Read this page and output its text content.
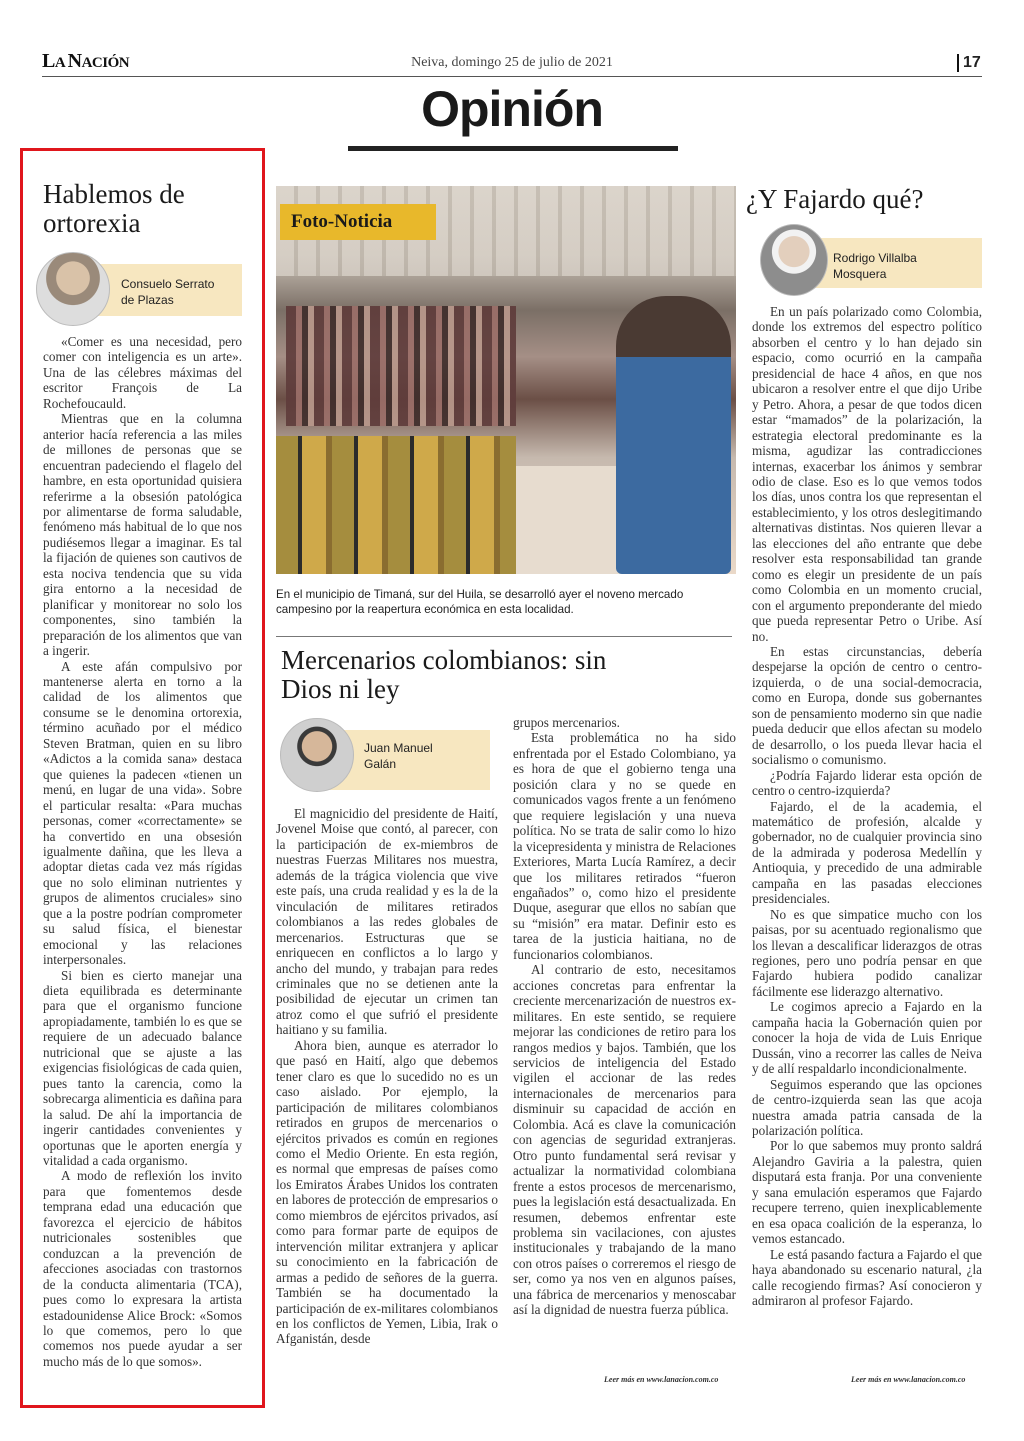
LA NACIÓN	Neiva, domingo 25 de julio de 2021	17
Opinión
Hablemos de ortorexia
Consuelo Serrato
de Plazas

«Comer es una necesidad, pero comer con inteligencia es un arte». Una de las célebres máximas del escritor François de La Rochefoucauld.

Mientras que en la columna anterior hacía referencia a las miles de millones de personas que se encuentran padeciendo el flagelo del hambre, en esta oportunidad quisiera referirme a la obsesión patológica por alimentarse de forma saludable, fenómeno más habitual de lo que nos pudiésemos llegar a imaginar. Es tal la fijación de quienes son cautivos de esta nociva tendencia que su vida gira entorno a la necesidad de planificar y monitorear no solo los componentes, sino también la preparación de los alimentos que van a ingerir.

A este afán compulsivo por mantenerse alerta en torno a la calidad de los alimentos que consume se le denomina ortorexia, término acuñado por el médico Steven Bratman, quien en su libro «Adictos a la comida sana» destaca que quienes la padecen «tienen un menú, en lugar de una vida». Sobre el particular resalta: «Para muchas personas, comer «correctamente» se ha convertido en una obsesión igualmente dañina, que les lleva a adoptar dietas cada vez más rígidas que no solo eliminan nutrientes y grupos de alimentos cruciales» sino que a la postre podrían comprometer su salud física, el bienestar emocional y las relaciones interpersonales.

Si bien es cierto manejar una dieta equilibrada es determinante para que el organismo funcione apropiadamente, también lo es que se requiere de un adecuado balance nutricional que se ajuste a las exigencias fisiológicas de cada quien, pues tanto la carencia, como la sobrecarga alimenticia es dañina para la salud. De ahí la importancia de ingerir cantidades convenientes y oportunas que le aporten energía y vitalidad a cada organismo.

A modo de reflexión los invito para que fomentemos desde temprana edad una educación que favorezca el ejercicio de hábitos nutricionales sostenibles que conduzcan a la prevención de afecciones asociadas con trastornos de la conducta alimentaria (TCA), pues como lo expresara la artista estadounidense Alice Brock: «Somos lo que comemos, pero lo que comemos nos puede ayudar a ser mucho más de lo que somos».

Foto-Noticia
En el municipio de Timaná, sur del Huila, se desarrolló ayer el noveno mercado campesino por la reapertura económica en esta localidad.
Mercenarios colombianos: sin Dios ni ley
Juan Manuel
Galán

El magnicidio del presidente de Haití, Jovenel Moise que contó, al parecer, con la participación de ex-miembros de nuestras Fuerzas Militares nos muestra, además de la trágica violencia que vive este país, una cruda realidad y es la de la vinculación de militares retirados colombianos a las redes globales de mercenarios. Estructuras que se enriquecen en conflictos a lo largo y ancho del mundo, y trabajan para redes criminales que no se detienen ante la posibilidad de ejecutar un crimen tan atroz como el que sufrió el presidente haitiano y su familia.

Ahora bien, aunque es aterrador lo que pasó en Haití, algo que debemos tener claro es que lo sucedido no es un caso aislado. Por ejemplo, la participación de militares colombianos retirados en grupos de mercenarios o ejércitos privados es común en regiones como el Medio Oriente. En esta región, es normal que empresas de países como los Emiratos Árabes Unidos los contraten en labores de protección de empresarios o como miembros de ejércitos privados, así como para formar parte de equipos de intervención militar extranjera y aplicar su conocimiento en la fabricación de armas a pedido de señores de la guerra. También se ha documentado la participación de ex-militares colombianos en los conflictos de Yemen, Libia, Irak o Afganistán, desde

grupos mercenarios.

Esta problemática no ha sido enfrentada por el Estado Colombiano, ya es hora de que el gobierno tenga una posición clara y no se quede en comunicados vagos frente a un fenómeno que requiere legislación y una nueva política. No se trata de salir como lo hizo la vicepresidenta y ministra de Relaciones Exteriores, Marta Lucía Ramírez, a decir que los militares retirados “fueron engañados” o, como hizo el presidente Duque, asegurar que ellos no sabían que su “misión” era matar. Definir esto es tarea de la justicia haitiana, no de funcionarios colombianos.

Al contrario de esto, necesitamos acciones concretas para enfrentar la creciente mercenarización de nuestros ex-militares. En este sentido, se requiere mejorar las condiciones de retiro para los rangos medios y bajos. También, que los servicios de inteligencia del Estado vigilen el accionar de las redes internacionales de mercenarios para disminuir su capacidad de acción en Colombia. Acá es clave la comunicación con agencias de seguridad extranjeras. Otro punto fundamental será revisar y actualizar la normatividad colombiana frente a estos procesos de mercenarismo, pues la legislación está desactualizada. En resumen, debemos enfrentar este problema sin vacilaciones, con ajustes institucionales y trabajando de la mano con otros países o correremos el riesgo de ser, como ya nos ven en algunos países, una fábrica de mercenarios y menoscabar así la dignidad de nuestra fuerza pública.

Leer más en www.lanacion.com.co
¿Y Fajardo qué?
Rodrigo Villalba
Mosquera

En un país polarizado como Colombia, donde los extremos del espectro político absorben el centro y lo han dejado sin espacio, como ocurrió en la campaña presidencial de hace 4 años, en que nos ubicaron a resolver entre el que dijo Uribe y Petro. Ahora, a pesar de que todos dicen estar “mamados” de la polarización, la estrategia electoral predominante es la misma, agudizar las contradicciones internas, exacerbar los ánimos y sembrar odio de clase. Eso es lo que vemos todos los días, unos contra los que representan el establecimiento, y los otros deslegitimando alternativas distintas. Nos quieren llevar a las elecciones del año entrante que debe resolver esta responsabilidad tan grande como es elegir un presidente de un país como Colombia en un momento crucial, con el argumento preponderante del miedo que pueda representar Petro o Uribe. Así no.

En estas circunstancias, debería despejarse la opción de centro o centro-izquierda, o de una social-democracia, como en Europa, donde sus gobernantes son de pensamiento moderno sin que nadie pueda deducir que ellos afectan su modelo de desarrollo, o los pueda llevar hacia el socialismo o comunismo.

¿Podría Fajardo liderar esta opción de centro o centro-izquierda?

Fajardo, el de la academia, el matemático de profesión, alcalde y gobernador, no de cualquier provincia sino de la admirada y poderosa Medellín y Antioquia, y precedido de una admirable campaña en las pasadas elecciones presidenciales.

No es que simpatice mucho con los paisas, por su acentuado regionalismo que los llevan a descalificar liderazgos de otras regiones, pero uno podría pensar en que Fajardo hubiera podido canalizar fácilmente ese liderazgo alternativo.

Le cogimos aprecio a Fajardo en la campaña hacia la Gobernación quien por conocer la hoja de vida de Luis Enrique Dussán, vino a recorrer las calles de Neiva y de allí respaldarlo incondicionalmente.

Seguimos esperando que las opciones de centro-izquierda sean las que acoja nuestra amada patria cansada de la polarización política.

Por lo que sabemos muy pronto saldrá Alejandro Gaviria a la palestra, quien disputará esta franja. Por una conveniente y sana emulación esperamos que Fajardo recupere terreno, quien inexplicablemente en esa opaca coalición de la esperanza, lo vemos estancado.

Le está pasando factura a Fajardo el que haya abandonado su escenario natural, ¿la calle recogiendo firmas? Así conocieron y admiraron al profesor Fajardo.

Leer más en www.lanacion.com.co
